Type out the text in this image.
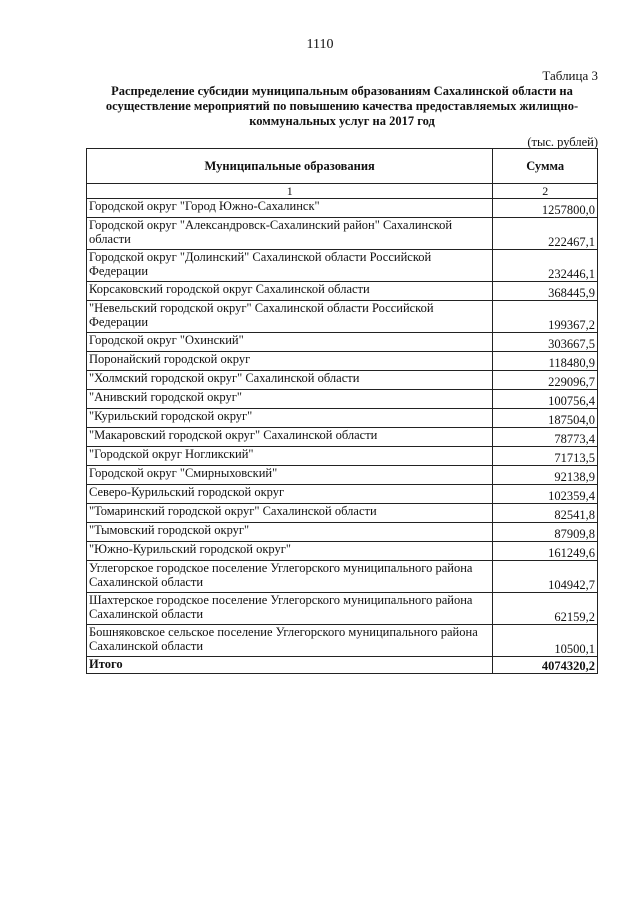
1110
Таблица 3
Распределение субсидии муниципальным образованиям Сахалинской области на осуществление мероприятий по повышению качества предоставляемых жилищно-коммунальных услуг на 2017 год
(тыс. рублей)
Муниципальные образования	Сумма
1	2
Городской округ "Город Южно-Сахалинск"	1257800,0
Городской округ "Александровск-Сахалинский район" Сахалинской области	222467,1
Городской округ "Долинский" Сахалинской области Российской Федерации	232446,1
Корсаковский городской округ Сахалинской области	368445,9
"Невельский городской округ" Сахалинской области Российской Федерации	199367,2
Городской округ "Охинский"	303667,5
Поронайский городской округ	118480,9
"Холмский городской округ" Сахалинской области	229096,7
"Анивский городской округ"	100756,4
"Курильский городской округ"	187504,0
"Макаровский городской округ" Сахалинской области	78773,4
"Городской округ Ногликский"	71713,5
Городской округ "Смирныховский"	92138,9
Северо-Курильский городской округ	102359,4
"Томаринский городской округ" Сахалинской области	82541,8
"Тымовский городской округ"	87909,8
"Южно-Курильский городской округ"	161249,6
Углегорское городское поселение Углегорского муниципального района Сахалинской области	104942,7
Шахтерское городское поселение Углегорского муниципального района Сахалинской области	62159,2
Бошняковское сельское поселение Углегорского муниципального района Сахалинской области	10500,1
Итого	4074320,2
